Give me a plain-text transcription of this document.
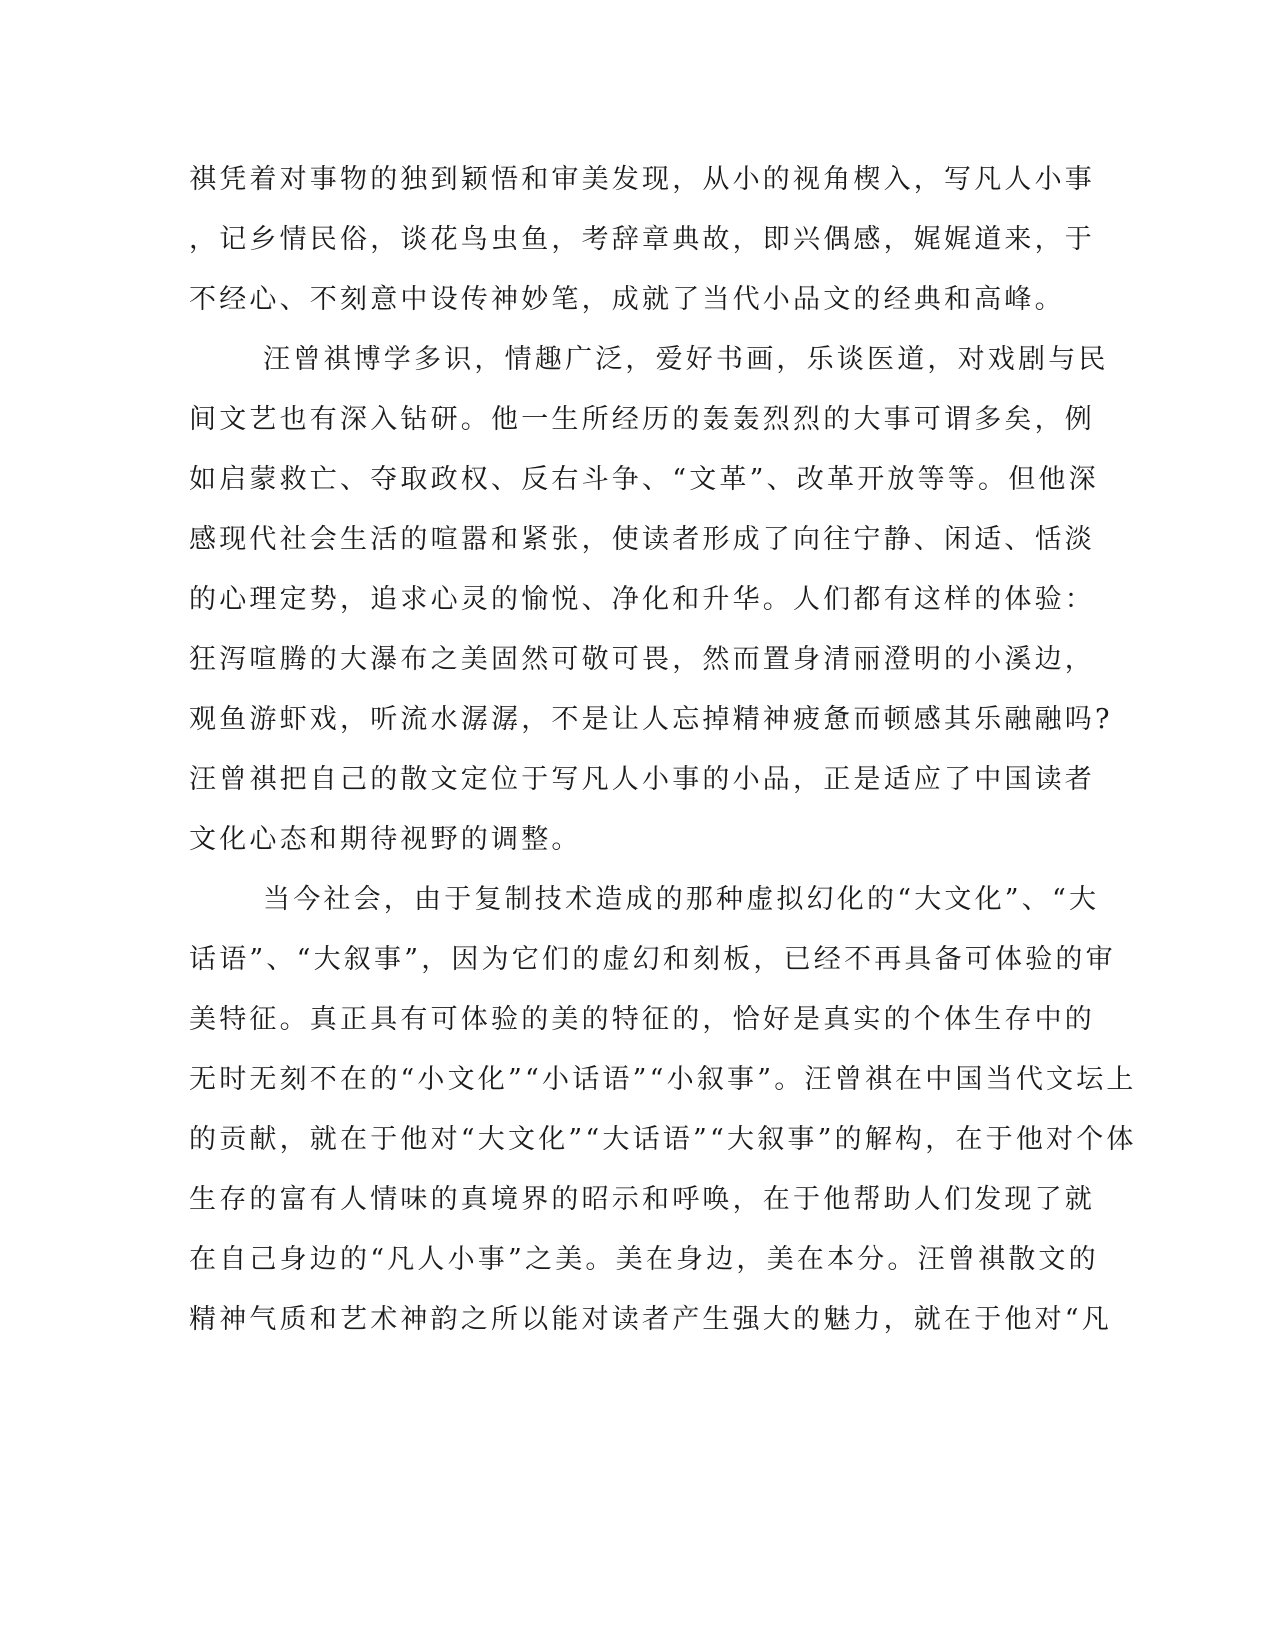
祺凭着对事物的独到颖悟和审美发现，从小的视角楔入，写凡人小事
，记乡情民俗，谈花鸟虫鱼，考辞章典故，即兴偶感，娓娓道来，于
不经心、不刻意中设传神妙笔，成就了当代小品文的经典和高峰。
汪曾祺博学多识，情趣广泛，爱好书画，乐谈医道，对戏剧与民
间文艺也有深入钻研。他一生所经历的轰轰烈烈的大事可谓多矣，例
如启蒙救亡、夺取政权、反右斗争、“文革”、改革开放等等。但他深
感现代社会生活的喧嚣和紧张，使读者形成了向往宁静、闲适、恬淡
的心理定势，追求心灵的愉悦、净化和升华。人们都有这样的体验：
狂泻喧腾的大瀑布之美固然可敬可畏，然而置身清丽澄明的小溪边，
观鱼游虾戏，听流水潺潺，不是让人忘掉精神疲惫而顿感其乐融融吗?
汪曾祺把自己的散文定位于写凡人小事的小品，正是适应了中国读者
文化心态和期待视野的调整。
当今社会，由于复制技术造成的那种虚拟幻化的“大文化”、“大
话语”、“大叙事”，因为它们的虚幻和刻板，已经不再具备可体验的审
美特征。真正具有可体验的美的特征的，恰好是真实的个体生存中的
无时无刻不在的“小文化”“小话语”“小叙事”。汪曾祺在中国当代文坛上
的贡献，就在于他对“大文化”“大话语”“大叙事”的解构，在于他对个体
生存的富有人情味的真境界的昭示和呼唤，在于他帮助人们发现了就
在自己身边的“凡人小事”之美。美在身边，美在本分。汪曾祺散文的
精神气质和艺术神韵之所以能对读者产生强大的魅力，就在于他对“凡
